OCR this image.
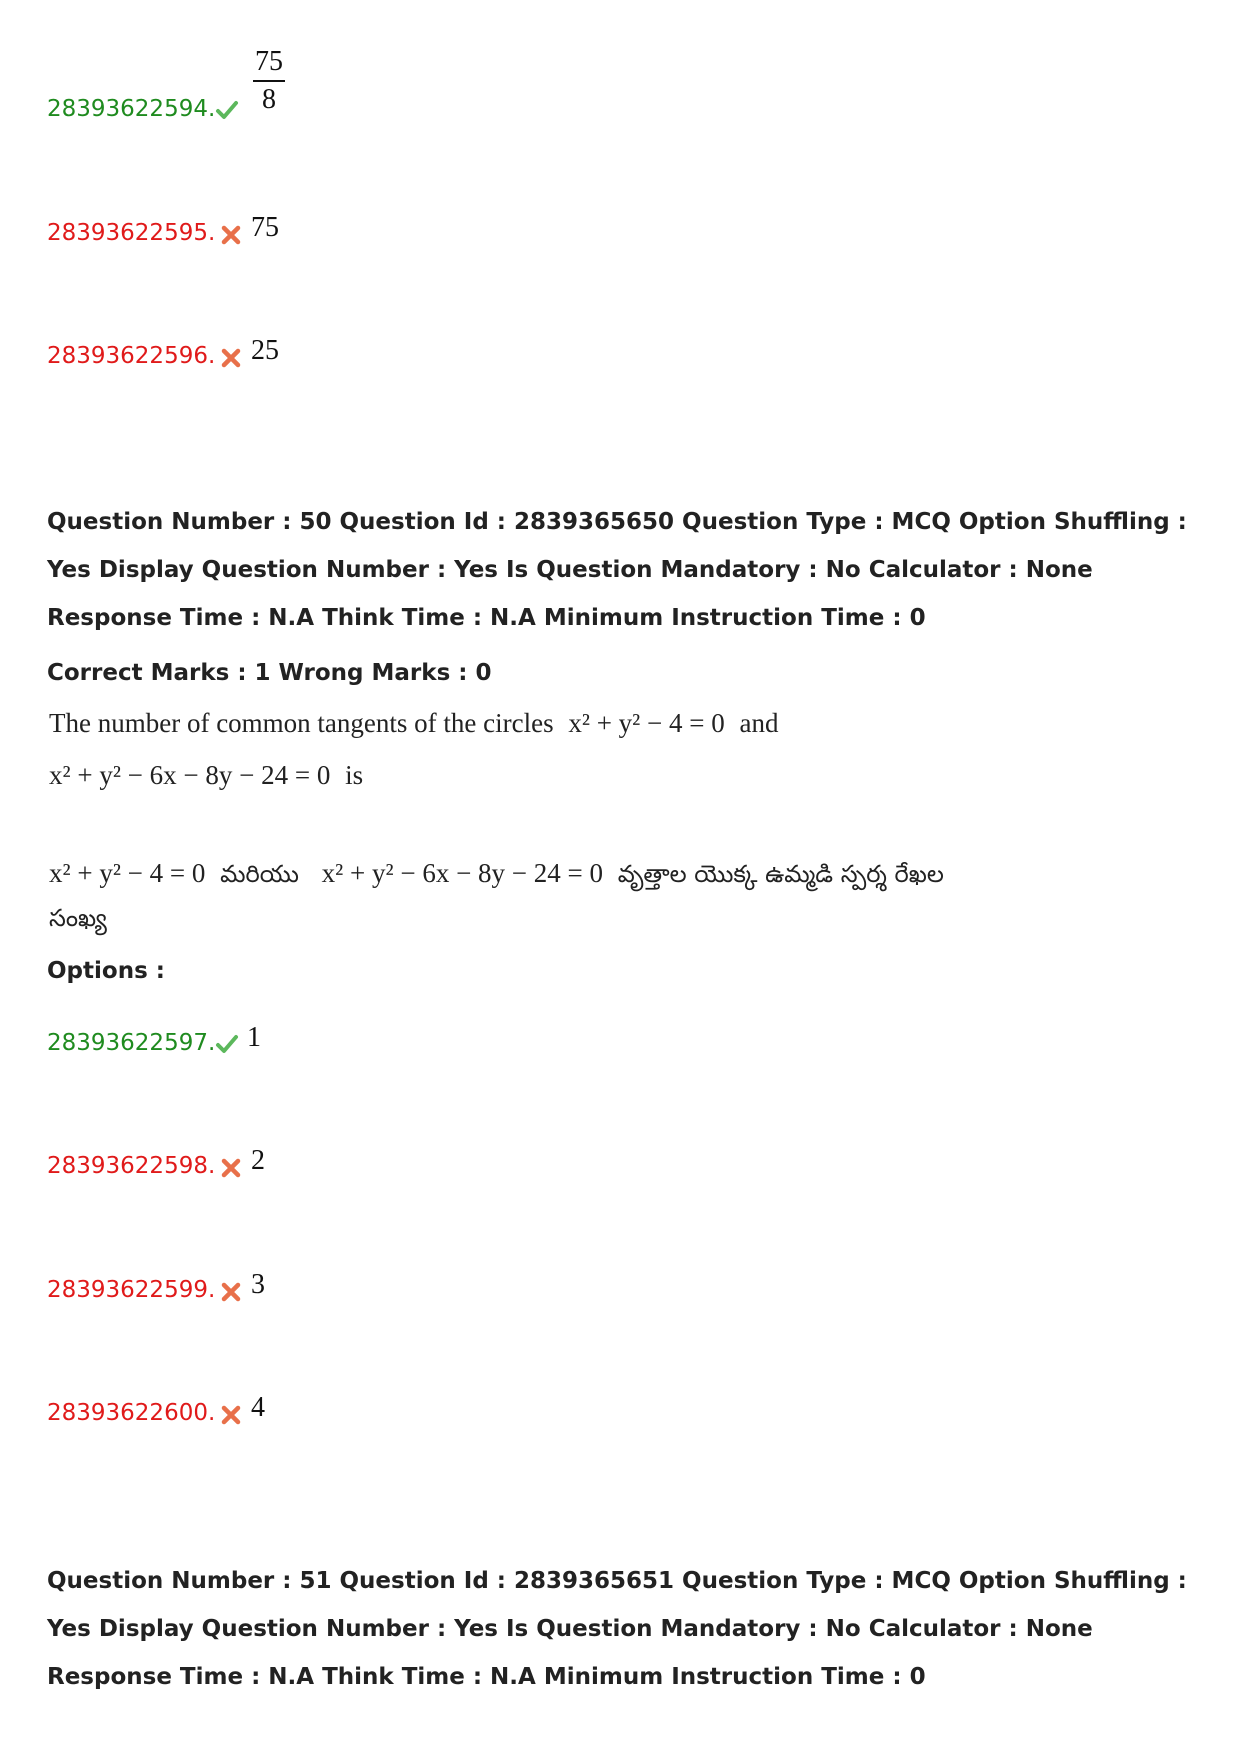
28393622594.
75
8
28393622595. 75
28393622596. 25
Question Number : 50 Question Id : 2839365650 Question Type : MCQ Option Shuffling : Yes Display Question Number : Yes Is Question Mandatory : No Calculator : None Response Time : N.A Think Time : N.A Minimum Instruction Time : 0
Correct Marks : 1 Wrong Marks : 0
The number of common tangents of the circles x² + y² − 4 = 0 and
x² + y² − 6x − 8y − 24 = 0 is
x² + y² − 4 = 0 మరియు x² + y² − 6x − 8y − 24 = 0 వృత్తాల యొక్క ఉమ్మడి స్పర్శ రేఖల
సంఖ్య
Options :
28393622597. 1
28393622598. 2
28393622599. 3
28393622600. 4
Question Number : 51 Question Id : 2839365651 Question Type : MCQ Option Shuffling : Yes Display Question Number : Yes Is Question Mandatory : No Calculator : None Response Time : N.A Think Time : N.A Minimum Instruction Time : 0
